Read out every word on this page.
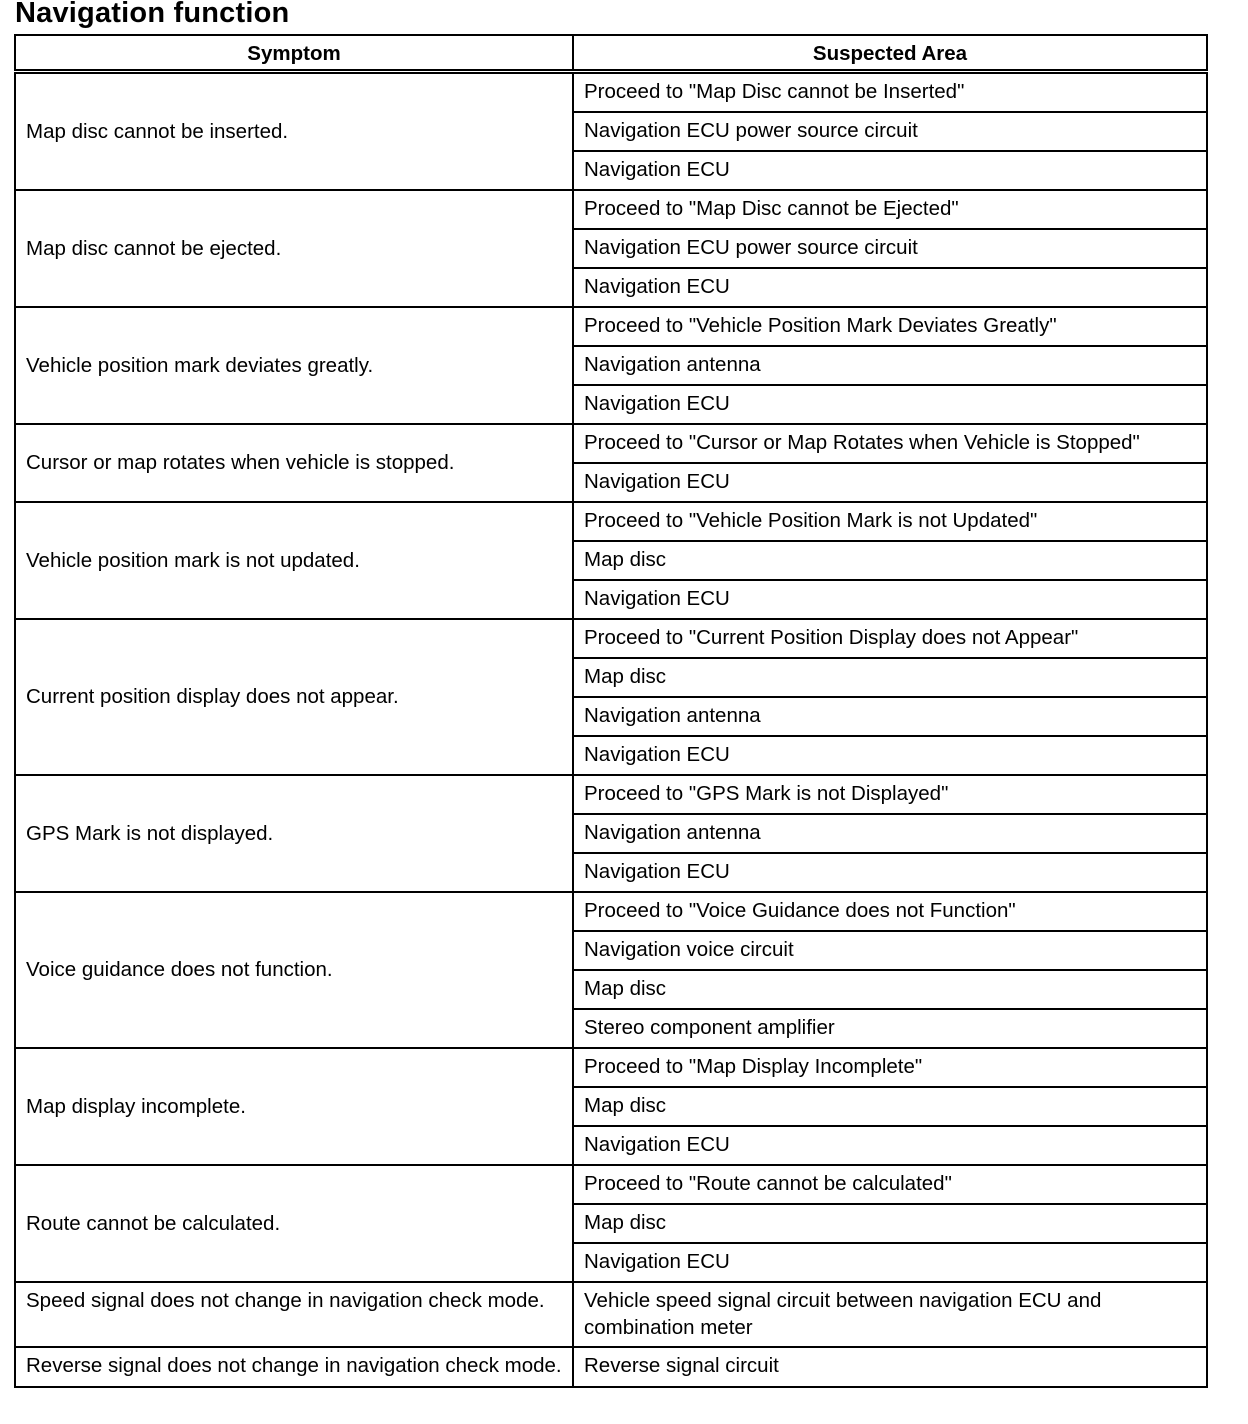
Navigation function
Symptom	Suspected Area
Map disc cannot be inserted.	Proceed to "Map Disc cannot be Inserted"
	Navigation ECU power source circuit
	Navigation ECU
Map disc cannot be ejected.	Proceed to "Map Disc cannot be Ejected"
	Navigation ECU power source circuit
	Navigation ECU
Vehicle position mark deviates greatly.	Proceed to "Vehicle Position Mark Deviates Greatly"
	Navigation antenna
	Navigation ECU
Cursor or map rotates when vehicle is stopped.	Proceed to "Cursor or Map Rotates when Vehicle is Stopped"
	Navigation ECU
Vehicle position mark is not updated.	Proceed to "Vehicle Position Mark is not Updated"
	Map disc
	Navigation ECU
Current position display does not appear.	Proceed to "Current Position Display does not Appear"
	Map disc
	Navigation antenna
	Navigation ECU
GPS Mark is not displayed.	Proceed to "GPS Mark is not Displayed"
	Navigation antenna
	Navigation ECU
Voice guidance does not function.	Proceed to "Voice Guidance does not Function"
	Navigation voice circuit
	Map disc
	Stereo component amplifier
Map display incomplete.	Proceed to "Map Display Incomplete"
	Map disc
	Navigation ECU
Route cannot be calculated.	Proceed to "Route cannot be calculated"
	Map disc
	Navigation ECU
Speed signal does not change in navigation check mode.	Vehicle speed signal circuit between navigation ECU and combination meter
Reverse signal does not change in navigation check mode.	Reverse signal circuit
